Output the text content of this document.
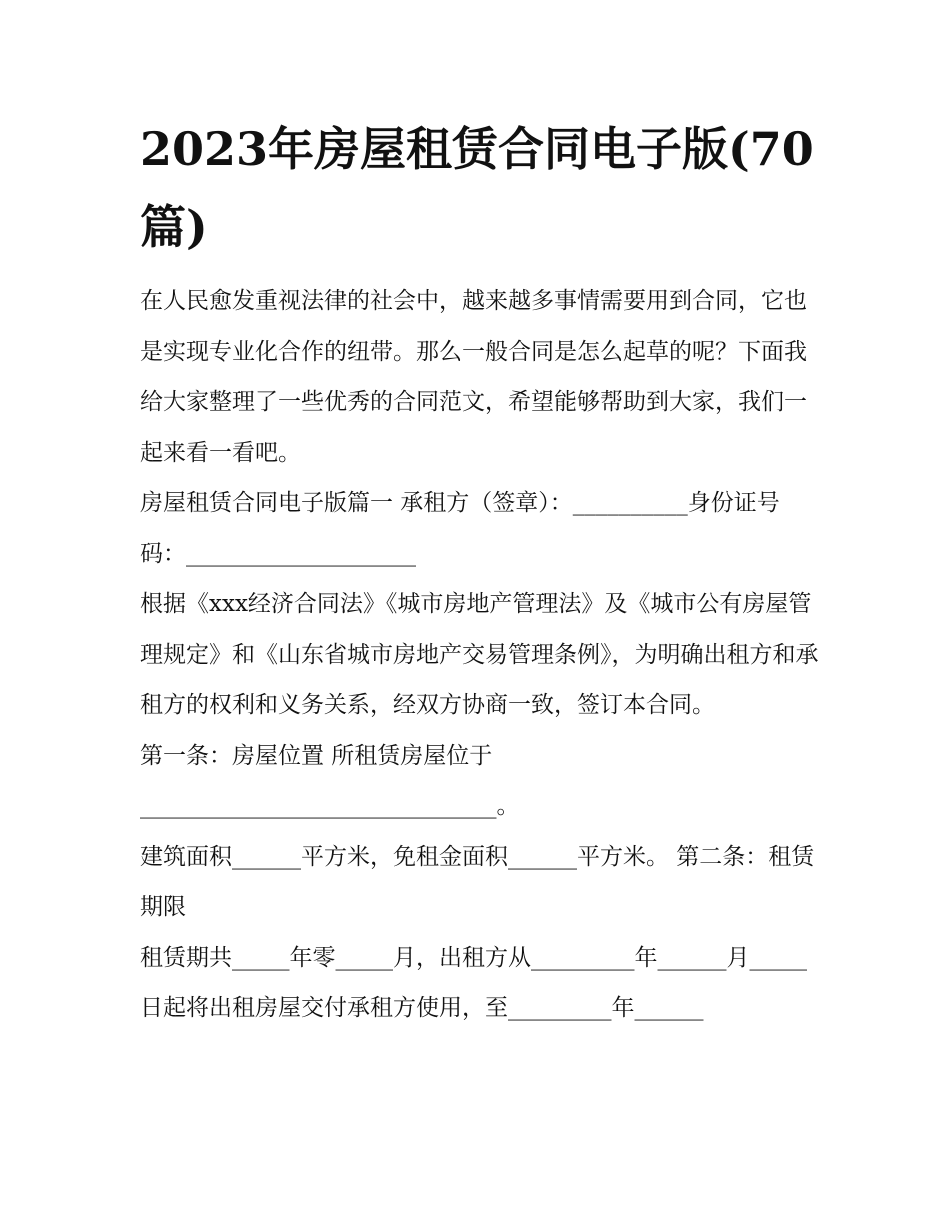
2023年房屋租赁合同电子版(70篇)

在人民愈发重视法律的社会中，越来越多事情需要用到合同，它也是实现专业化合作的纽带。那么一般合同是怎么起草的呢？下面我给大家整理了一些优秀的合同范文，希望能够帮助到大家，我们一起来看一看吧。

房屋租赁合同电子版篇一 承租方（签章）：__________身份证号码：____________________

根据《xxx经济合同法》《城市房地产管理法》及《城市公有房屋管理规定》和《山东省城市房地产交易管理条例》，为明确出租方和承租方的权利和义务关系，经双方协商一致，签订本合同。

第一条：房屋位置 所租赁房屋位于_______________________________。

建筑面积______平方米，免租金面积______平方米。 第二条：租赁期限

租赁期共_____年零_____月，出租方从_________年______月_____日起将出租房屋交付承租方使用，至_________年______
